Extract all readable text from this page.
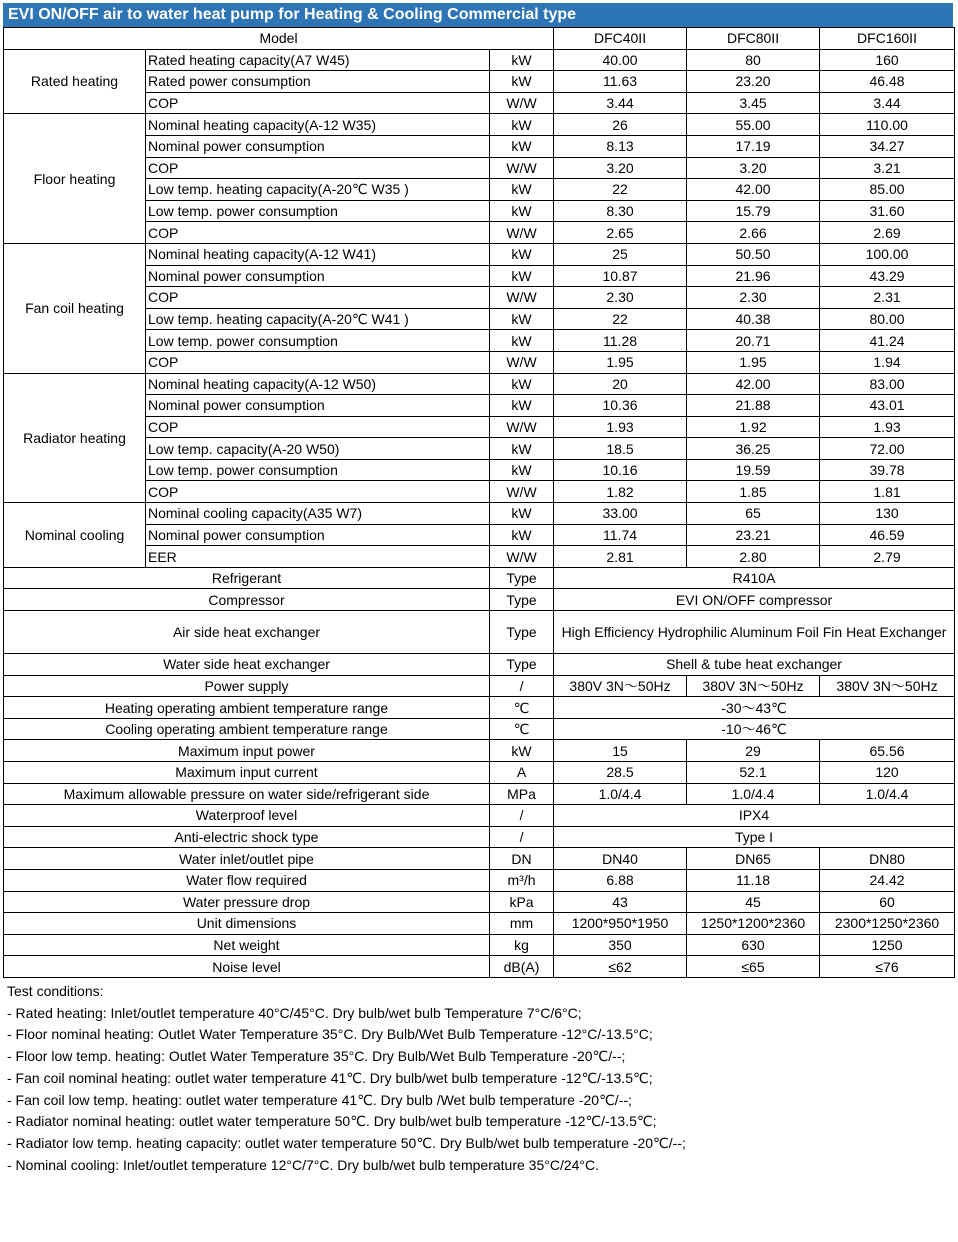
EVI ON/OFF air to water heat pump for Heating & Cooling Commercial type
Model			DFC40II	DFC80II	DFC160II
Rated heating	Rated heating capacity(A7 W45)	kW	40.00	80	160
	Rated power consumption	kW	11.63	23.20	46.48
	COP	W/W	3.44	3.45	3.44
Floor heating	Nominal heating capacity(A-12 W35)	kW	26	55.00	110.00
	Nominal power consumption	kW	8.13	17.19	34.27
	COP	W/W	3.20	3.20	3.21
	Low temp. heating capacity(A-20℃ W35 )	kW	22	42.00	85.00
	Low temp. power consumption	kW	8.30	15.79	31.60
	COP	W/W	2.65	2.66	2.69
Fan coil heating	Nominal heating capacity(A-12 W41)	kW	25	50.50	100.00
	Nominal power consumption	kW	10.87	21.96	43.29
	COP	W/W	2.30	2.30	2.31
	Low temp. heating capacity(A-20℃ W41 )	kW	22	40.38	80.00
	Low temp. power consumption	kW	11.28	20.71	41.24
	COP	W/W	1.95	1.95	1.94
Radiator heating	Nominal heating capacity(A-12 W50)	kW	20	42.00	83.00
	Nominal power consumption	kW	10.36	21.88	43.01
	COP	W/W	1.93	1.92	1.93
	Low temp. capacity(A-20 W50)	kW	18.5	36.25	72.00
	Low temp. power consumption	kW	10.16	19.59	39.78
	COP	W/W	1.82	1.85	1.81
Nominal cooling	Nominal cooling capacity(A35 W7)	kW	33.00	65	130
	Nominal power consumption	kW	11.74	23.21	46.59
	EER	W/W	2.81	2.80	2.79
Refrigerant		Type	R410A		
Compressor		Type	EVI ON/OFF compressor		
Air side heat exchanger		Type	High Efficiency Hydrophilic Aluminum Foil Fin Heat Exchanger		
Water side heat exchanger		Type	Shell & tube heat exchanger		
Power supply		/	380V 3N～50Hz	380V 3N～50Hz	380V 3N～50Hz
Heating operating ambient temperature range		℃	-30～43℃		
Cooling operating ambient temperature range		℃	-10～46℃		
Maximum input power		kW	15	29	65.56
Maximum input current		A	28.5	52.1	120
Maximum allowable pressure on water side/refrigerant side		MPa	1.0/4.4	1.0/4.4	1.0/4.4
Waterproof level		/	IPX4		
Anti-electric shock type		/	Type I		
Water inlet/outlet pipe		DN	DN40	DN65	DN80
Water flow required		m³/h	6.88	11.18	24.42
Water pressure drop		kPa	43	45	60
Unit dimensions		mm	1200*950*1950	1250*1200*2360	2300*1250*2360
Net weight		kg	350	630	1250
Noise level		dB(A)	≤62	≤65	≤76
Test conditions:
- Rated heating: Inlet/outlet temperature 40°C/45°C. Dry bulb/wet bulb Temperature 7°C/6°C;
- Floor nominal heating: Outlet Water Temperature 35°C. Dry Bulb/Wet Bulb Temperature -12°C/-13.5°C;
- Floor low temp. heating: Outlet Water Temperature 35°C. Dry Bulb/Wet Bulb Temperature -20℃/--;
- Fan coil nominal heating: outlet water temperature 41℃. Dry bulb/wet bulb temperature -12℃/-13.5℃;
- Fan coil low temp. heating: outlet water temperature 41℃. Dry bulb /Wet bulb temperature -20℃/--;
- Radiator nominal heating: outlet water temperature 50℃. Dry bulb/wet bulb temperature -12℃/-13.5℃;
- Radiator low temp. heating capacity: outlet water temperature 50℃. Dry Bulb/wet bulb temperature -20℃/--;
- Nominal cooling: Inlet/outlet temperature 12°C/7°C. Dry bulb/wet bulb temperature 35°C/24°C.
